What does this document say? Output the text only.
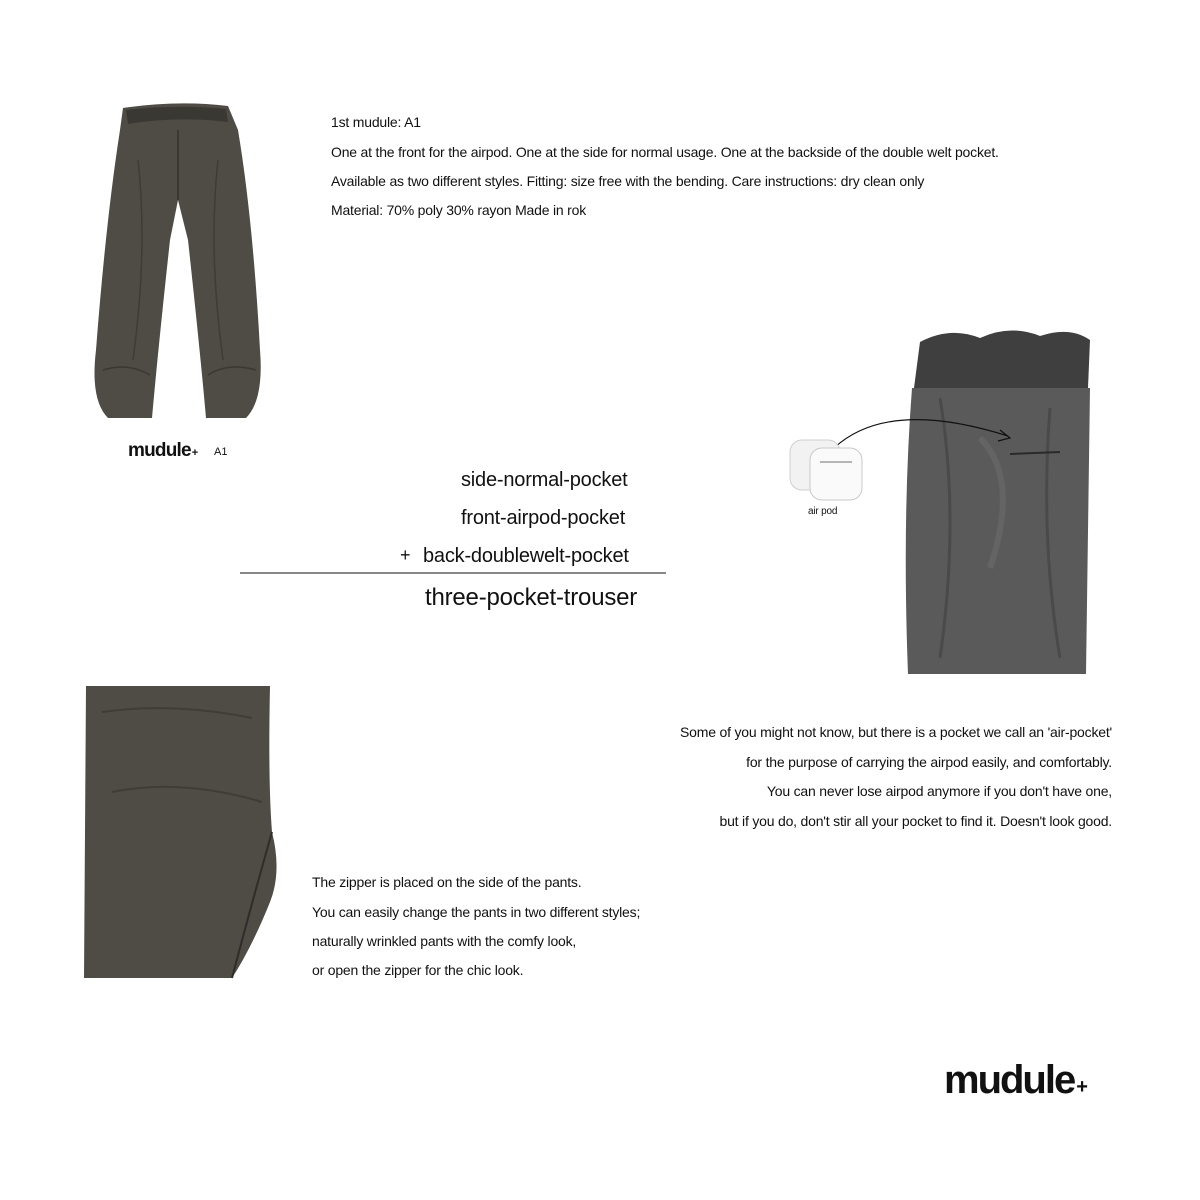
mudule+ A1
1st mudule: A1
One at the front for the airpod. One at the side for normal usage. One at the backside of the double welt pocket.
Available as two different styles. Fitting: size free with the bending. Care instructions: dry clean only
Material: 70% poly 30% rayon Made in rok
side-normal-pocket
front-airpod-pocket
+ back-doublewelt-pocket
three-pocket-trouser
air pod
Some of you might not know, but there is a pocket we call an 'air-pocket'
for the purpose of carrying the airpod easily, and comfortably.
You can never lose airpod anymore if you don't have one,
but if you do, don't stir all your pocket to find it. Doesn't look good.
The zipper is placed on the side of the pants.
You can easily change the pants in two different styles;
naturally wrinkled pants with the comfy look,
or open the zipper for the chic look.
mudule +
